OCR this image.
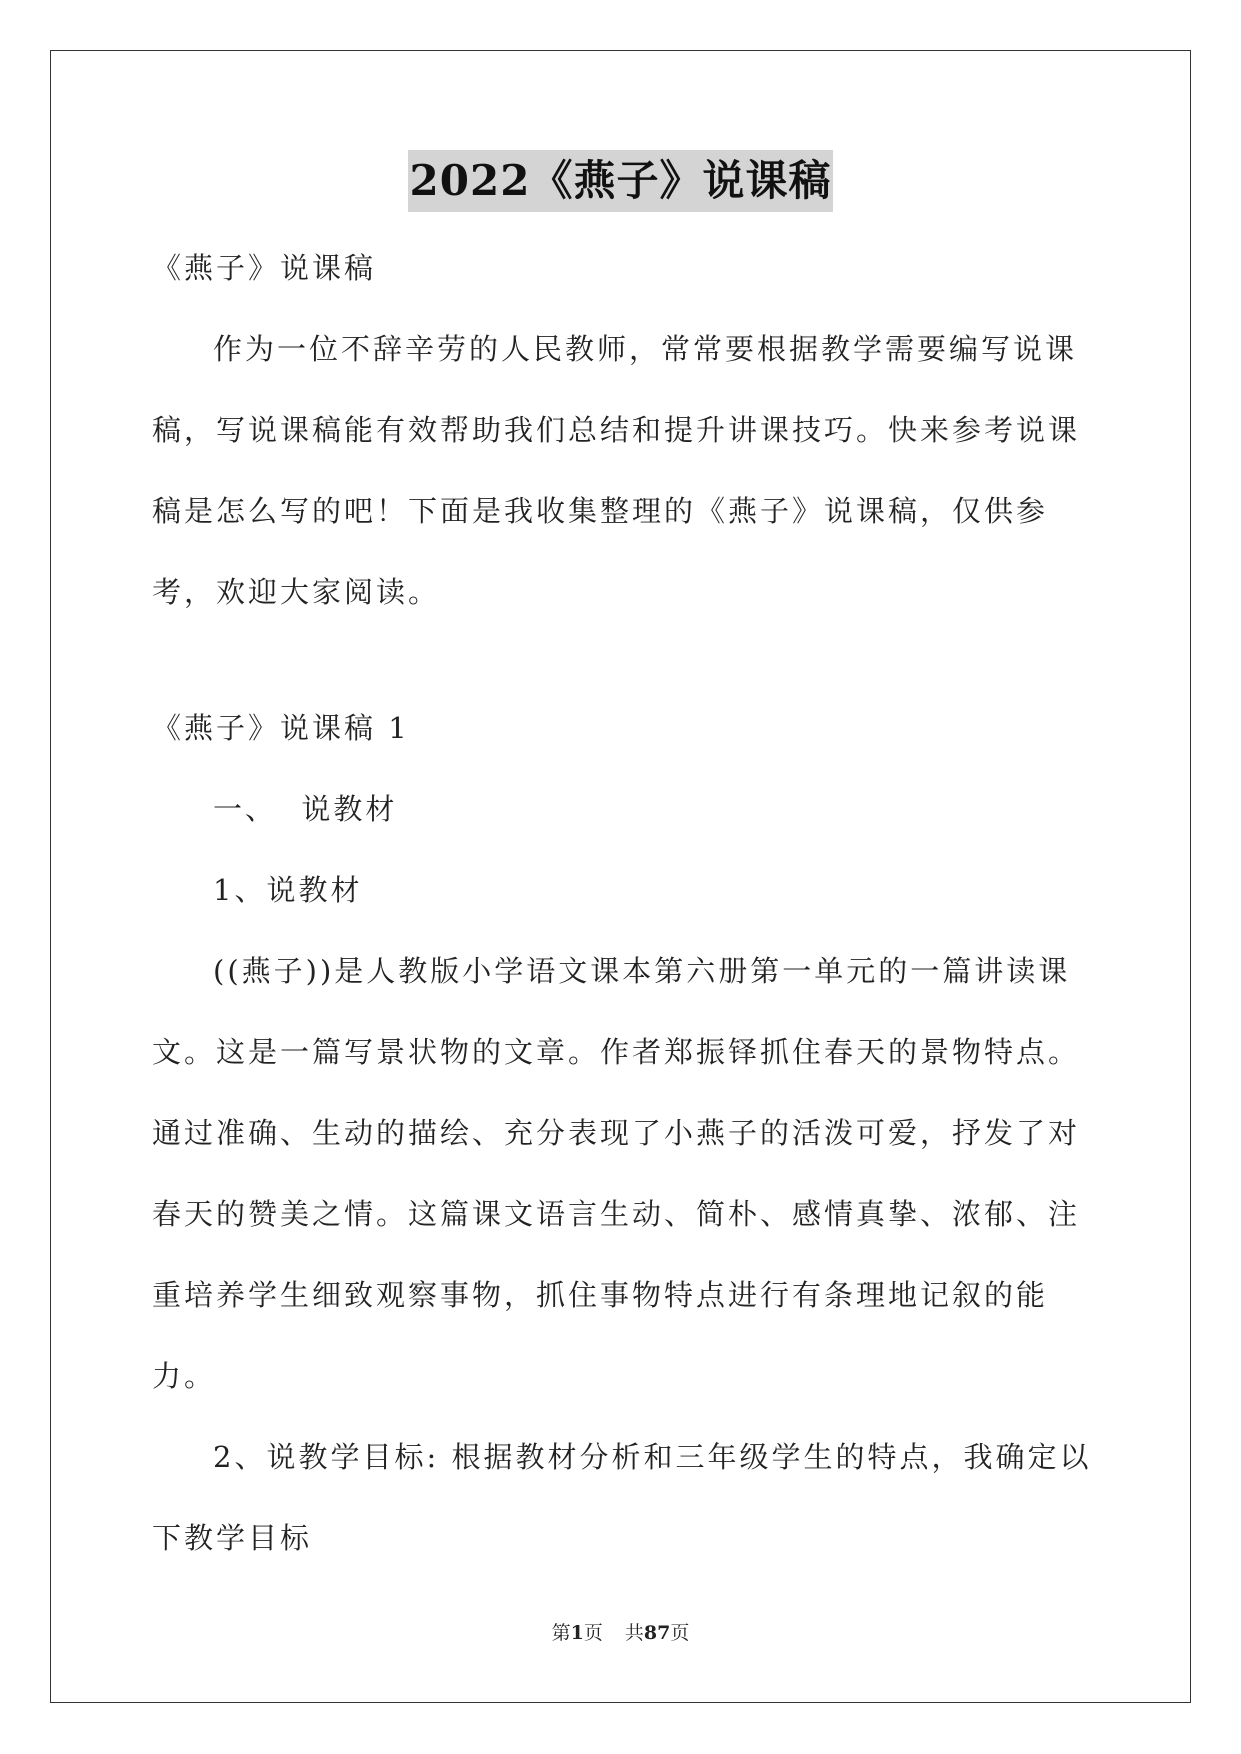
2022《燕子》说课稿

《燕子》说课稿

作为一位不辞辛劳的人民教师，常常要根据教学需要编写说课稿，写说课稿能有效帮助我们总结和提升讲课技巧。快来参考说课稿是怎么写的吧！下面是我收集整理的《燕子》说课稿，仅供参考，欢迎大家阅读。

《燕子》说课稿 1

一、  说教材

1、说教材

((燕子))是人教版小学语文课本第六册第一单元的一篇讲读课文。这是一篇写景状物的文章。作者郑振铎抓住春天的景物特点。通过准确、生动的描绘、充分表现了小燕子的活泼可爱，抒发了对春天的赞美之情。这篇课文语言生动、简朴、感情真挚、浓郁、注重培养学生细致观察事物，抓住事物特点进行有条理地记叙的能力。

2、说教学目标: 根据教材分析和三年级学生的特点，我确定以下教学目标

第1页 共87页
